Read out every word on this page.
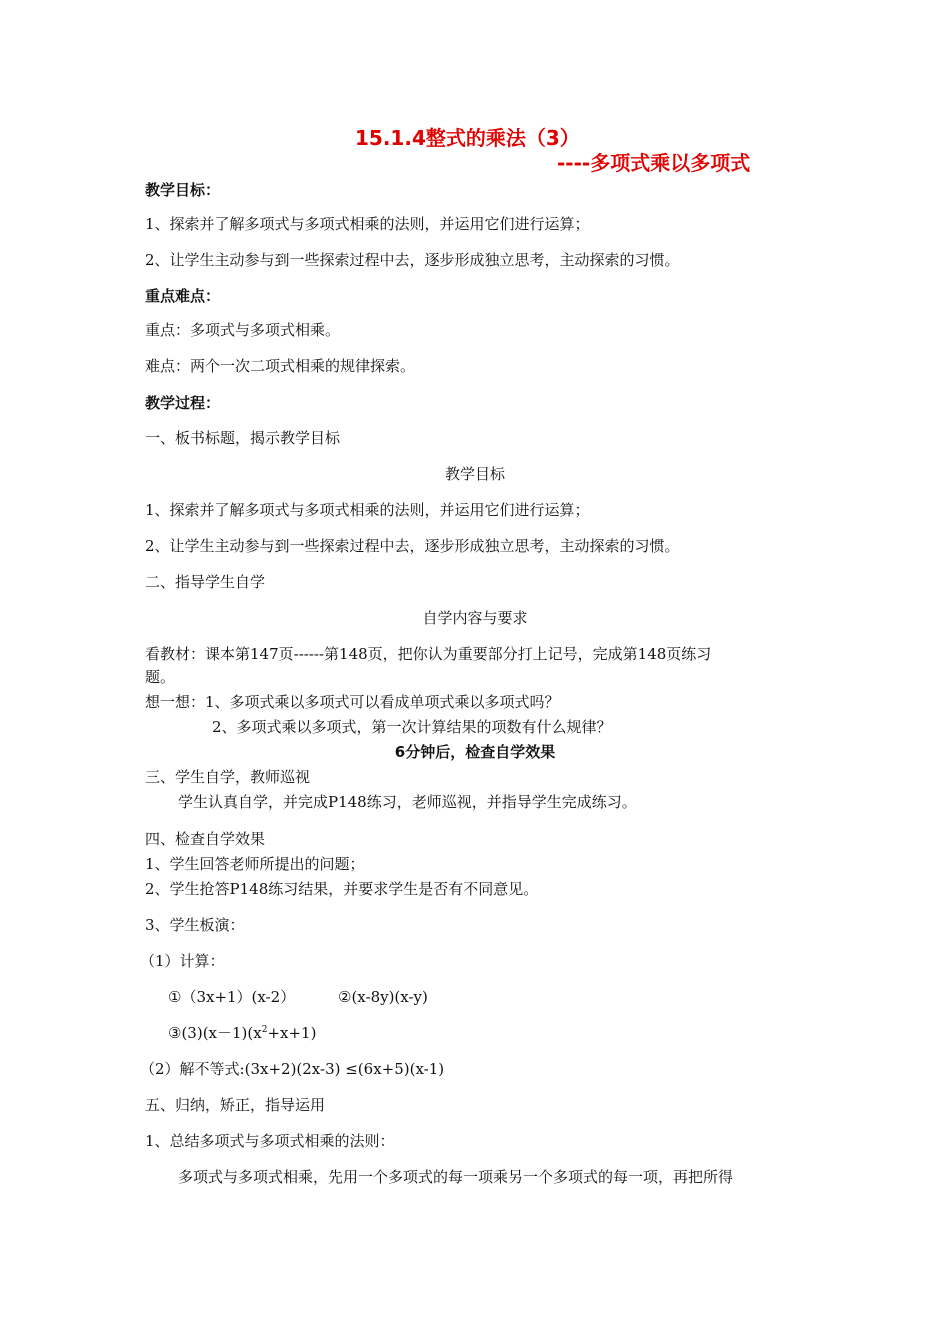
15.1.4整式的乘法（3）
----多项式乘以多项式
教学目标：
1、探索并了解多项式与多项式相乘的法则，并运用它们进行运算；
2、让学生主动参与到一些探索过程中去，逐步形成独立思考，主动探索的习惯。
重点难点：
重点：多项式与多项式相乘。
难点：两个一次二项式相乘的规律探索。
教学过程：
一、板书标题，揭示教学目标
教学目标
1、探索并了解多项式与多项式相乘的法则，并运用它们进行运算；
2、让学生主动参与到一些探索过程中去，逐步形成独立思考，主动探索的习惯。
二、指导学生自学
自学内容与要求
看教材：课本第147页------第148页，把你认为重要部分打上记号，完成第148页练习
题。
想一想：1、多项式乘以多项式可以看成单项式乘以多项式吗？
2、多项式乘以多项式，第一次计算结果的项数有什么规律？
6分钟后，检查自学效果
三、学生自学，教师巡视
学生认真自学，并完成P148练习，老师巡视，并指导学生完成练习。
四、检查自学效果
1、学生回答老师所提出的问题；
2、学生抢答P148练习结果，并要求学生是否有不同意见。
3、学生板演：
（1）计算：
①（3x+1）(x-2）	②(x-8y)(x-y)
$③(3)(x-1)(x^2+x+1)$
（2）解不等式:(3x+2)(2x-3) ≤(6x+5)(x-1)
五、归纳，矫正，指导运用
1、总结多项式与多项式相乘的法则：
多项式与多项式相乘，先用一个多项式的每一项乘另一个多项式的每一项，再把所得
